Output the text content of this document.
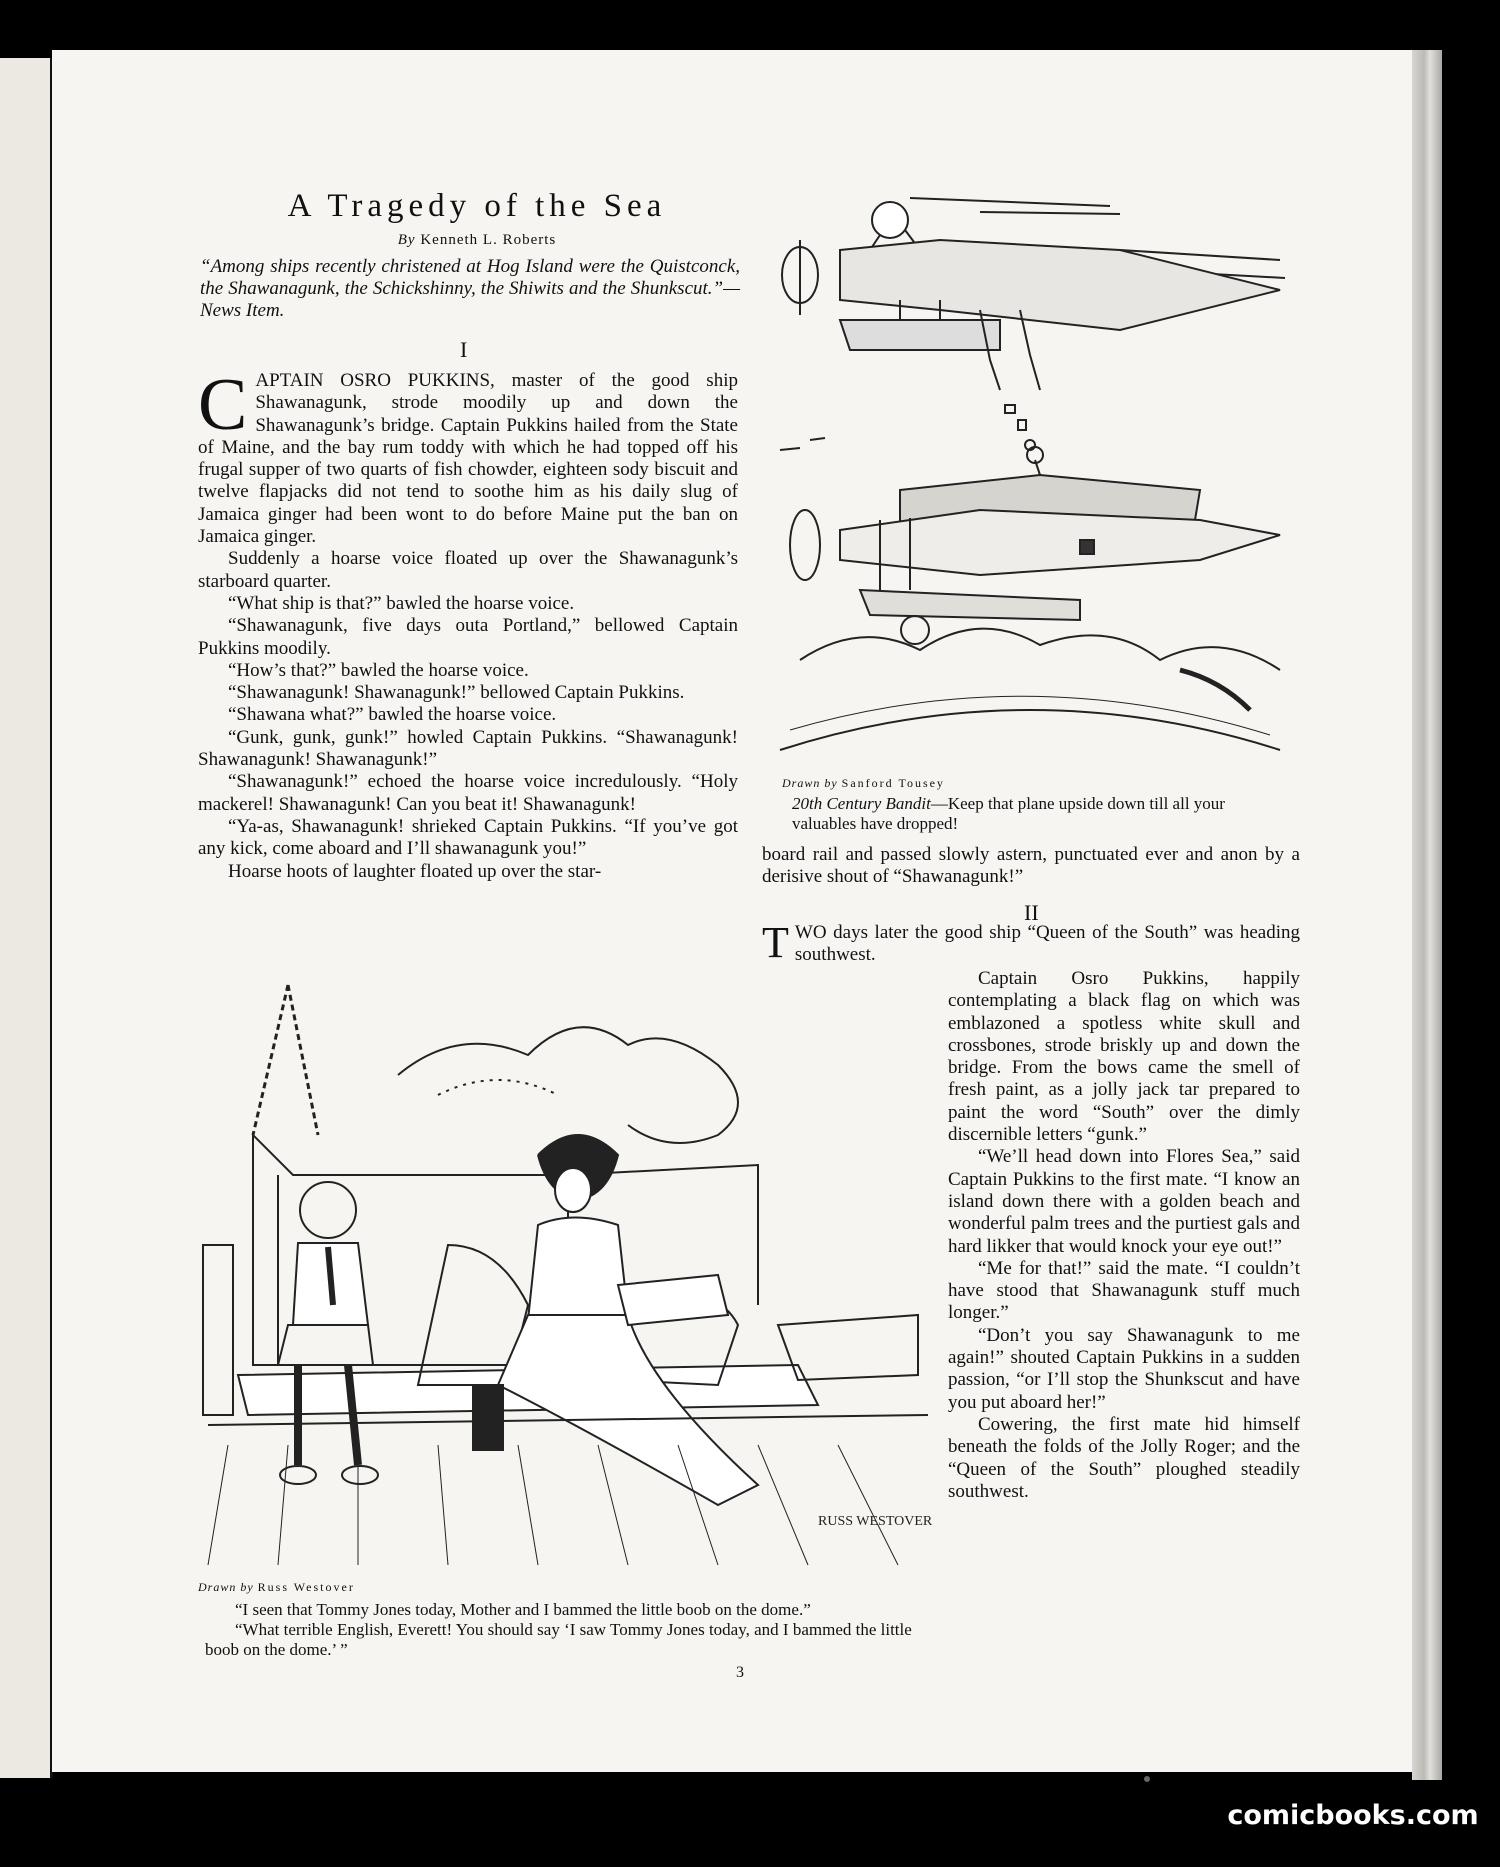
A Tragedy of the Sea
By Kenneth L. Roberts
“Among ships recently christened at Hog Island were the Quistconck, the Shawanagunk, the Schickshinny, the Shiwits and the Shunkscut.”—News Item.
I

CAPTAIN OSRO PUKKINS, master of the good ship Shawanagunk, strode moodily up and down the Shawanagunk’s bridge. Captain Pukkins hailed from the State of Maine, and the bay rum toddy with which he had topped off his frugal supper of two quarts of fish chowder, eighteen sody biscuit and twelve flapjacks did not tend to soothe him as his daily slug of Jamaica ginger had been wont to do before Maine put the ban on Jamaica ginger.

Suddenly a hoarse voice floated up over the Shawanagunk’s starboard quarter.

“What ship is that?” bawled the hoarse voice.

“Shawanagunk, five days outa Portland,” bellowed Captain Pukkins moodily.

“How’s that?” bawled the hoarse voice.

“Shawanagunk! Shawanagunk!” bellowed Captain Pukkins.

“Shawana what?” bawled the hoarse voice.

“Gunk, gunk, gunk!” howled Captain Pukkins. “Shawanagunk! Shawanagunk! Shawanagunk!”

“Shawanagunk!” echoed the hoarse voice incredulously. “Holy mackerel! Shawanagunk! Can you beat it! Shawanagunk!

“Ya-as, Shawanagunk! shrieked Captain Pukkins. “If you’ve got any kick, come aboard and I’ll shawanagunk you!”

Hoarse hoots of laughter floated up over the star-

Drawn by Sanford Tousey
20th Century Bandit—Keep that plane upside down till all your valuables have dropped!
board rail and passed slowly astern, punctuated ever and anon by a derisive shout of “Shawanagunk!”
II
TWO days later the good ship “Queen of the South” was heading southwest.

Captain Osro Pukkins, happily contemplating a black flag on which was emblazoned a spotless white skull and crossbones, strode briskly up and down the bridge. From the bows came the smell of fresh paint, as a jolly jack tar prepared to paint the word “South” over the dimly discernible letters “gunk.”

“We’ll head down into Flores Sea,” said Captain Pukkins to the first mate. “I know an island down there with a golden beach and wonderful palm trees and the purtiest gals and hard likker that would knock your eye out!”

“Me for that!” said the mate. “I couldn’t have stood that Shawanagunk stuff much longer.”

“Don’t you say Shawanagunk to me again!” shouted Captain Pukkins in a sudden passion, “or I’ll stop the Shunkscut and have you put aboard her!”

Cowering, the first mate hid himself beneath the folds of the Jolly Roger; and the “Queen of the South” ploughed steadily southwest.

RUSS WESTOVER
Drawn by Russ Westover
“I seen that Tommy Jones today, Mother and I bammed the little boob on the dome.”
“What terrible English, Everett! You should say ‘I saw Tommy Jones today, and I bammed the little boob on the dome.’ ”
3
comicbooks.com
